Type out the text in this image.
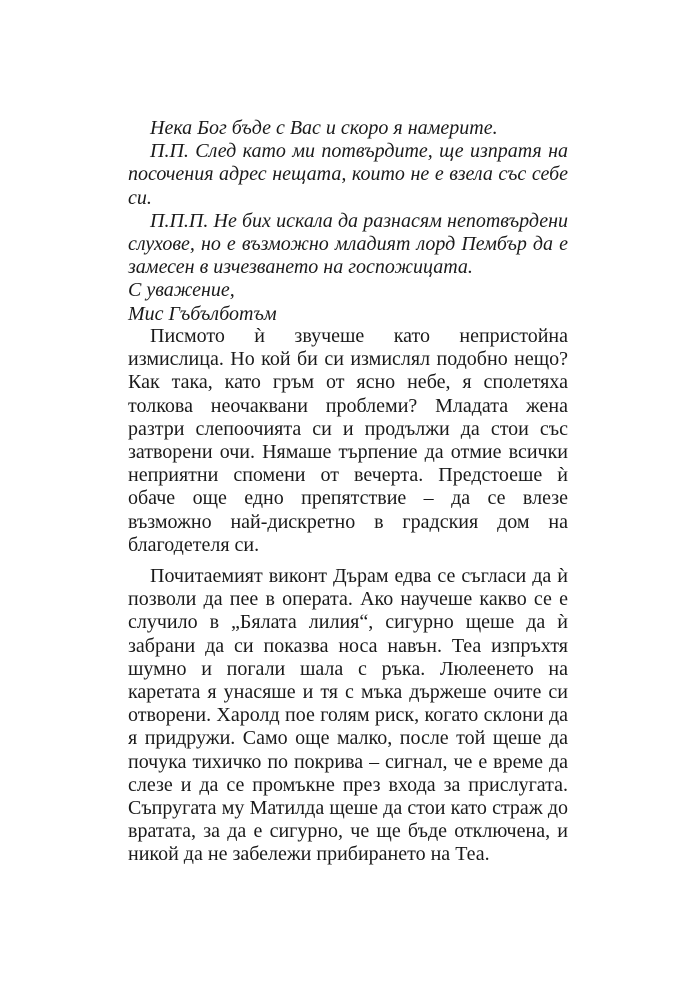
Нека Бог бъде с Вас и скоро я намерите.

П.П. След като ми потвърдите, ще изпратя на посочения адрес нещата, които не е взела със себе си.

П.П.П. Не бих искала да разнасям непотвърдени слухове, но е възможно младият лорд Пембър да е замесен в изчезването на госпожицата.

С уважение,

Мис Гъбълботъм

Писмото ѝ звучеше като непристойна измислица. Но кой би си измислял подобно нещо? Как така, като гръм от ясно небе, я сполетяха толкова неочаквани проблеми? Младата жена разтри слепоочията си и продължи да стои със затворени очи. Нямаше търпение да отмие всички неприятни спомени от вечерта. Предстоеше ѝ обаче още едно препятствие – да се влезе възможно най-дискретно в градския дом на благодетеля си.

Почитаемият виконт Дърам едва се съгласи да ѝ позволи да пее в операта. Ако научеше какво се е случило в „Бялата лилия“, сигурно щеше да ѝ забрани да си показва носа навън. Теа изпръхтя шумно и погали шала с ръка. Люлеенето на каретата я унасяше и тя с мъка държеше очите си отворени. Харолд пое голям риск, когато склони да я придружи. Само още малко, после той щеше да почука тихичко по покрива – сигнал, че е време да слезе и да се промъкне през входа за прислугата. Съпругата му Матилда щеше да стои като страж до вратата, за да е сигурно, че ще бъде отключена, и никой да не забележи прибирането на Теа.
